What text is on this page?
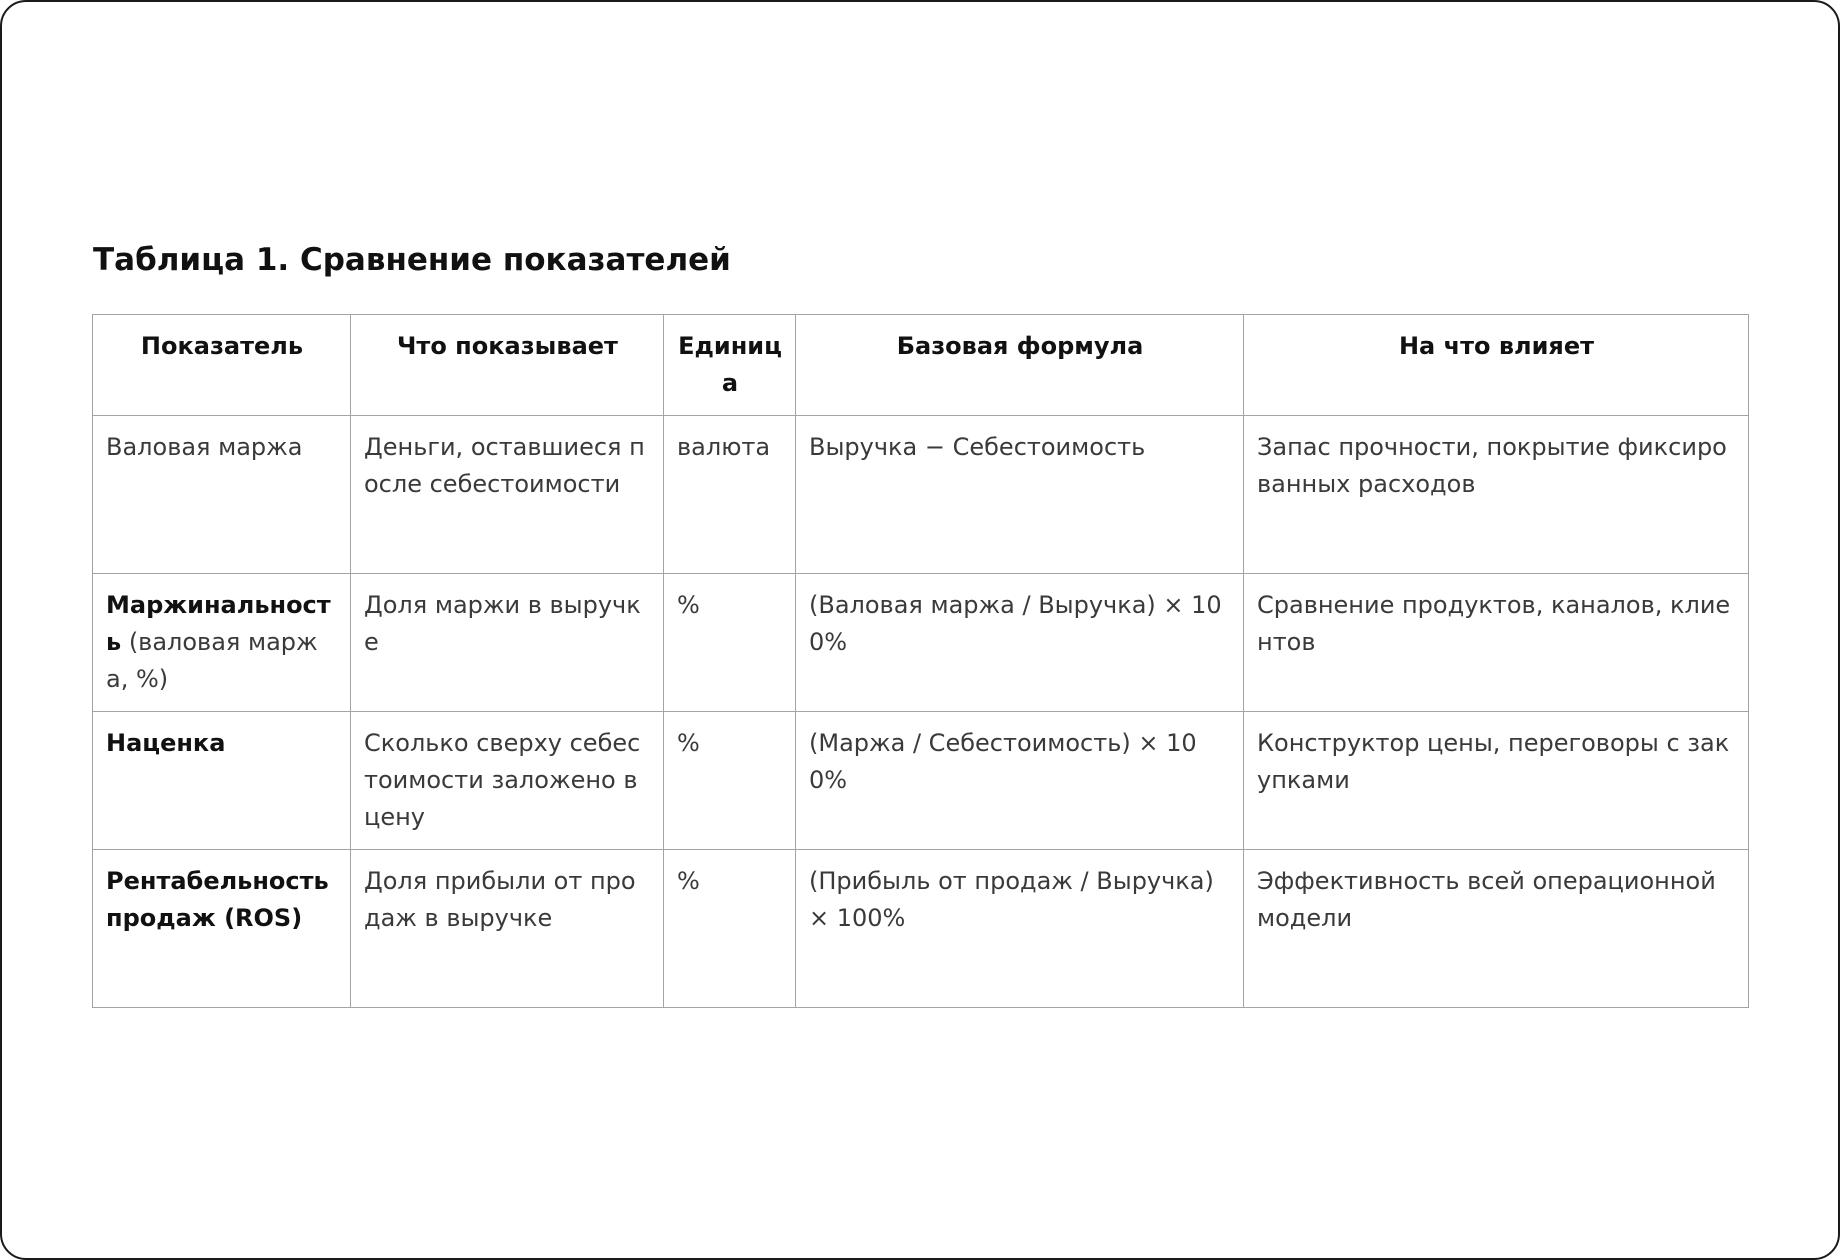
Таблица 1. Сравнение показателей
Показатель	Что показывает	Единица	Базовая формула	На что влияет
Валовая маржа	Деньги, оставшиеся после себестоимости	валюта	Выручка − Себестоимость	Запас прочности, покрытие фиксированных расходов
Маржинальность (валовая маржа, %)	Доля маржи в выручке	%	(Валовая маржа / Выручка) × 100%	Сравнение продуктов, каналов, клиентов
Наценка	Сколько сверху себестоимости заложено в цену	%	(Маржа / Себестоимость) × 100%	Конструктор цены, переговоры с закупками
Рентабельность продаж (ROS)	Доля прибыли от продаж в выручке	%	(Прибыль от продаж / Выручка) × 100%	Эффективность всей операционной модели
